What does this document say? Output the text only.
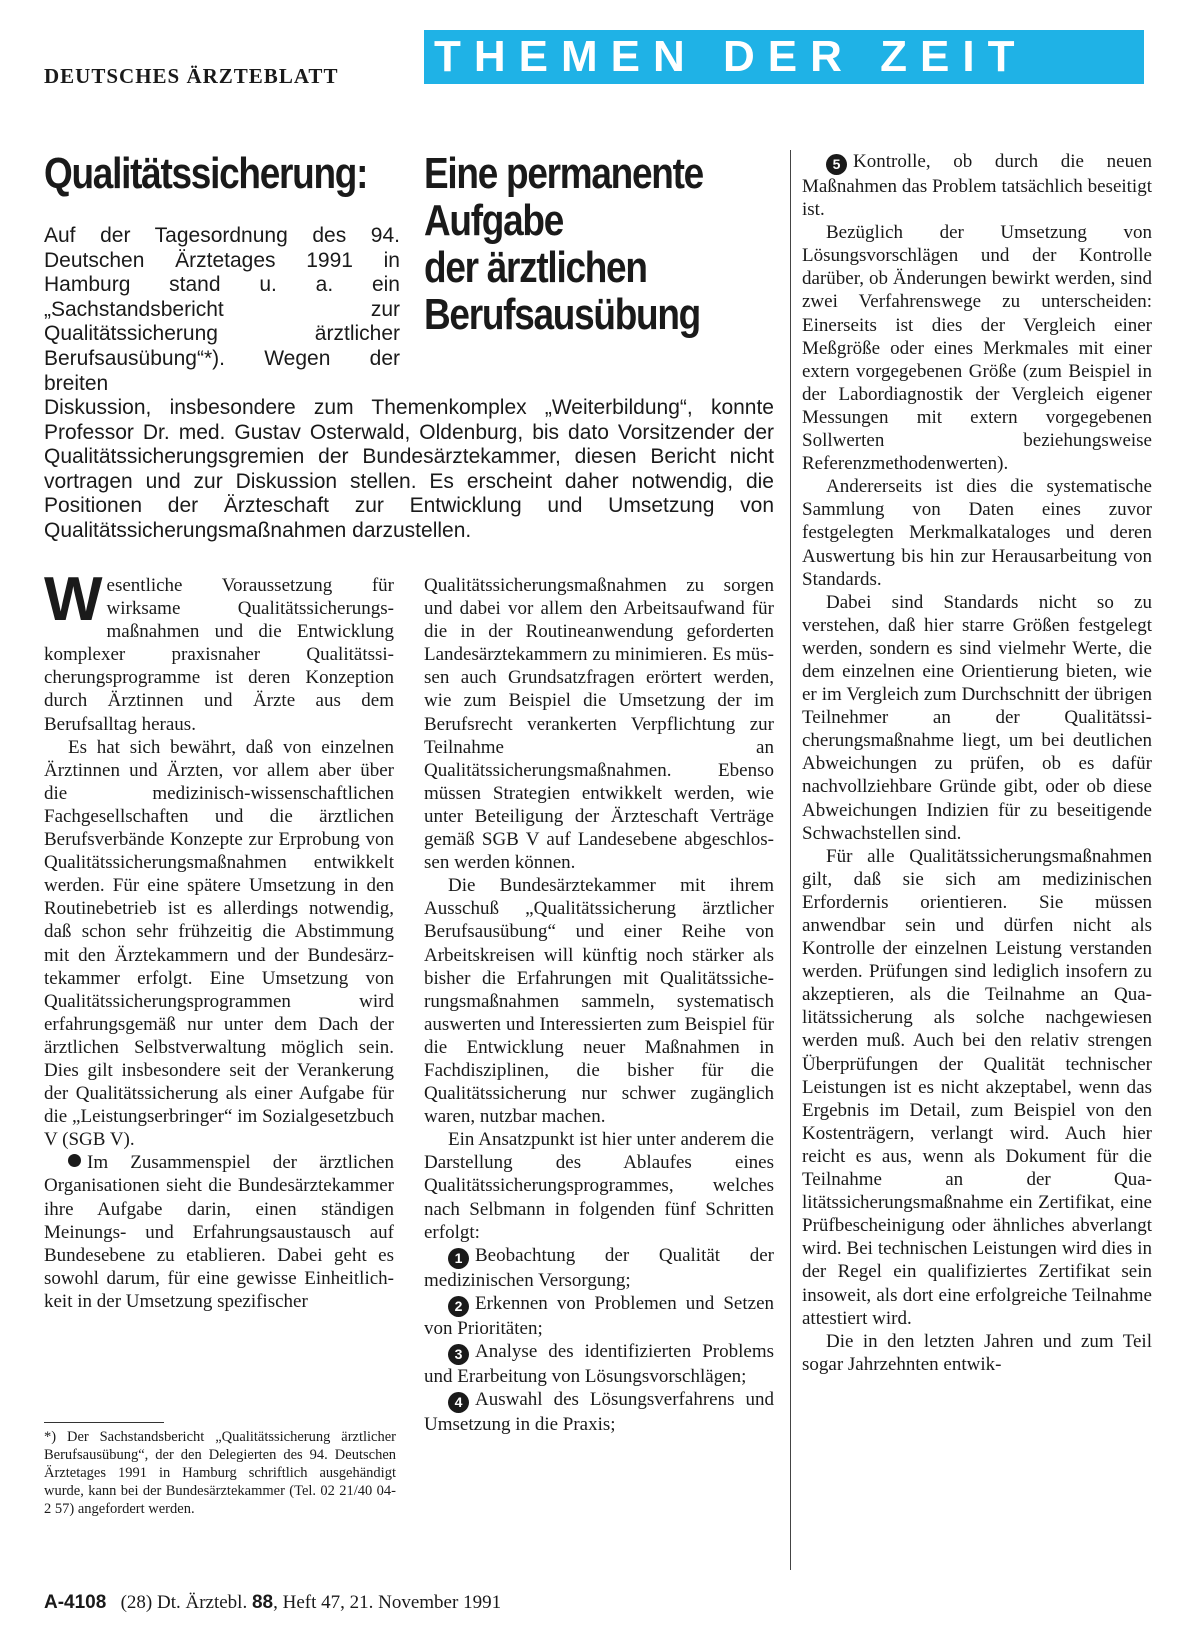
DEUTSCHES ÄRZTEBLATT THEMEN DER ZEIT
Qualitätssicherung: Eine permanente
Aufgabe
der ärztlichen
Berufsausübung
Auf der Tagesordnung des 94. Deutschen Ärztetages 1991 in Hamburg stand u. a. ein „Sachstandsbericht zur Qualitätssicherung ärztlicher Berufsausübung“*). Wegen der breiten
Diskussion, insbesondere zum Themenkomplex „Weiterbildung“, konnte Professor Dr. med. Gustav Osterwald, Oldenburg, bis dato Vorsitzender der Qualitätssicherungsgremien der Bundesärztekammer, diesen Bericht nicht vortragen und zur Diskussion stellen. Es erscheint daher notwendig, die Positionen der Ärzteschaft zur Entwicklung und Umsetzung von Qualitätssicherungsmaßnahmen darzustellen.

Wesentliche Voraussetzung für wirksame Qualitätssicherungsmaßnahmen und die Entwicklung komplexer praxisnaher Qualitätssicherungsprogramme ist deren Konzeption durch Ärztinnen und Ärzte aus dem Berufsalltag heraus.

Es hat sich bewährt, daß von einzelnen Ärztinnen und Ärzten, vor allem aber über die medizinisch-wissenschaftlichen Fachgesellschaften und die ärztlichen Berufsverbände Konzepte zur Erprobung von Qualitätssicherungsmaßnahmen entwikkelt werden. Für eine spätere Umsetzung in den Routinebetrieb ist es allerdings notwendig, daß schon sehr frühzeitig die Abstimmung mit den Ärztekammern und der Bundesärztekammer erfolgt. Eine Umsetzung von Qualitätssicherungsprogrammen wird erfahrungsgemäß nur unter dem Dach der ärztlichen Selbstverwaltung möglich sein. Dies gilt insbesondere seit der Verankerung der Qualitätssicherung als einer Aufgabe für die „Leistungserbringer“ im Sozialgesetzbuch V (SGB V).

Im Zusammenspiel der ärztlichen Organisationen sieht die Bundesärztekammer ihre Aufgabe darin, einen ständigen Meinungs- und Erfahrungsaustausch auf Bundesebene zu etablieren. Dabei geht es sowohl darum, für eine gewisse Einheitlichkeit in der Umsetzung spezifischer

*) Der Sachstandsbericht „Qualitätssicherung ärztlicher Berufsausübung“, der den Delegierten des 94. Deutschen Ärztetages 1991 in Hamburg schriftlich ausgehändigt wurde, kann bei der Bundesärztekammer (Tel. 02 21/40 04-2 57) angefordert werden.

Qualitätssicherungsmaßnahmen zu sorgen und dabei vor allem den Arbeitsaufwand für die in der Routineanwendung geforderten Landesärztekammern zu minimieren. Es müssen auch Grundsatzfragen erörtert werden, wie zum Beispiel die Umsetzung der im Berufsrecht verankerten Verpflichtung zur Teilnahme an Qualitätssicherungsmaßnahmen. Ebenso müssen Strategien entwikkelt werden, wie unter Beteiligung der Ärzteschaft Verträge gemäß SGB V auf Landesebene abgeschlossen werden können.

Die Bundesärztekammer mit ihrem Ausschuß „Qualitätssicherung ärztlicher Berufsausübung“ und einer Reihe von Arbeitskreisen will künftig noch stärker als bisher die Erfahrungen mit Qualitätssicherungsmaßnahmen sammeln, systematisch auswerten und Interessierten zum Beispiel für die Entwicklung neuer Maßnahmen in Fachdisziplinen, die bisher für die Qualitätssicherung nur schwer zugänglich waren, nutzbar machen.

Ein Ansatzpunkt ist hier unter anderem die Darstellung des Ablaufes eines Qualitätssicherungsprogrammes, welches nach Selbmann in folgenden fünf Schritten erfolgt:

1 Beobachtung der Qualität der medizinischen Versorgung;

2 Erkennen von Problemen und Setzen von Prioritäten;

3 Analyse des identifizierten Problems und Erarbeitung von Lösungsvorschlägen;

4 Auswahl des Lösungsverfahrens und Umsetzung in die Praxis;

5 Kontrolle, ob durch die neuen Maßnahmen das Problem tatsächlich beseitigt ist.

Bezüglich der Umsetzung von Lösungsvorschlägen und der Kontrolle darüber, ob Änderungen bewirkt werden, sind zwei Verfahrenswege zu unterscheiden: Einerseits ist dies der Vergleich einer Meßgröße oder eines Merkmales mit einer extern vorgegebenen Größe (zum Beispiel in der Labordiagnostik der Vergleich eigener Messungen mit extern vorgegebenen Sollwerten beziehungsweise Referenzmethodenwerten).

Andererseits ist dies die systematische Sammlung von Daten eines zuvor festgelegten Merkmalkataloges und deren Auswertung bis hin zur Herausarbeitung von Standards.

Dabei sind Standards nicht so zu verstehen, daß hier starre Größen festgelegt werden, sondern es sind vielmehr Werte, die dem einzelnen eine Orientierung bieten, wie er im Vergleich zum Durchschnitt der übrigen Teilnehmer an der Qualitätssicherungsmaßnahme liegt, um bei deutlichen Abweichungen zu prüfen, ob es dafür nachvollziehbare Gründe gibt, oder ob diese Abweichungen Indizien für zu beseitigende Schwachstellen sind.

Für alle Qualitätssicherungsmaßnahmen gilt, daß sie sich am medizinischen Erfordernis orientieren. Sie müssen anwendbar sein und dürfen nicht als Kontrolle der einzelnen Leistung verstanden werden. Prüfungen sind lediglich insofern zu akzeptieren, als die Teilnahme an Qualitätssicherung als solche nachgewiesen werden muß. Auch bei den relativ strengen Überprüfungen der Qualität technischer Leistungen ist es nicht akzeptabel, wenn das Ergebnis im Detail, zum Beispiel von den Kostenträgern, verlangt wird. Auch hier reicht es aus, wenn als Dokument für die Teilnahme an der Qualitätssicherungsmaßnahme ein Zertifikat, eine Prüfbescheinigung oder ähnliches abverlangt wird. Bei technischen Leistungen wird dies in der Regel ein qualifiziertes Zertifikat sein insoweit, als dort eine erfolgreiche Teilnahme attestiert wird.

Die in den letzten Jahren und zum Teil sogar Jahrzehnten entwik-

A-4108 (28) Dt. Ärztebl. 88, Heft 47, 21. November 1991
